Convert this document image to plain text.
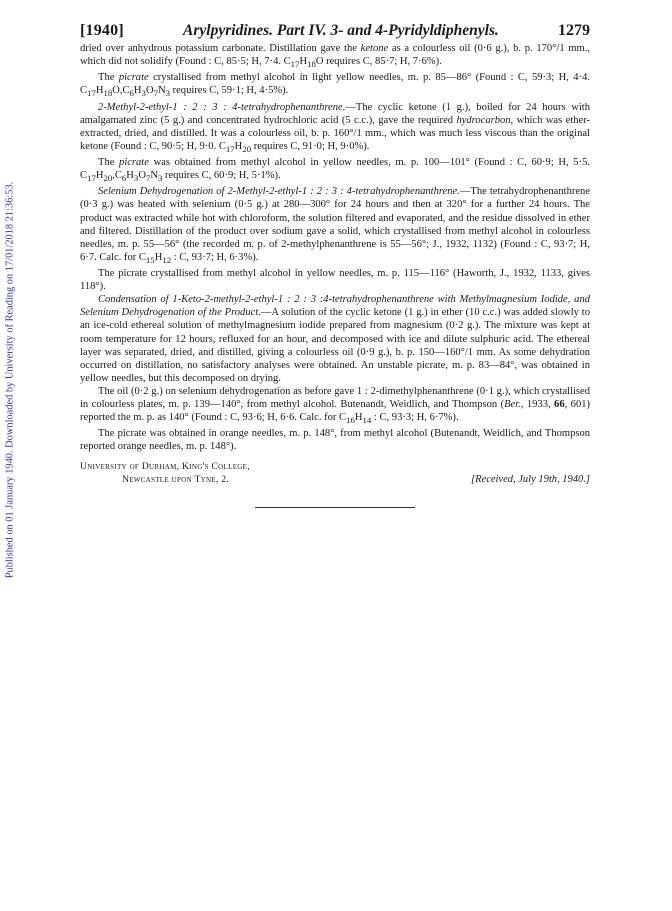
Published on 01 January 1940. Downloaded by University of Reading on 17/01/2018 21:36:53.
[1940]	Arylpyridines. Part IV. 3- and 4-Pyridyldiphenyls.	1279

dried over anhydrous potassium carbonate. Distillation gave the ketone as a colourless oil (0·6 g.), b. p. 170°/1 mm., which did not solidify (Found : C, 85·5; H, 7·4. $C_{17}H_{18}O$ requires C, 85·7; H, 7·6%).

The picrate crystallised from methyl alcohol in light yellow needles, m. p. 85—86° (Found : C, 59·3; H, 4·4. $C_{17}H_{18}O,C_6H_3O_7N_3$ requires C, 59·1; H, 4·5%).

2-Methyl-2-ethyl-1 : 2 : 3 : 4-tetrahydrophenanthrene.—The cyclic ketone (1 g.), boiled for 24 hours with amalgamated zinc (5 g.) and concentrated hydrochloric acid (5 c.c.), gave the required hydrocarbon, which was ether-extracted, dried, and distilled. It was a colourless oil, b. p. 160°/1 mm., which was much less viscous than the original ketone (Found : C, 90·5; H, 9·0. $C_{17}H_{20}$ requires C, 91·0; H, 9·0%).

The picrate was obtained from methyl alcohol in yellow needles, m. p. 100—101° (Found : C, 60·9; H, 5·5. $C_{17}H_{20},C_6H_3O_7N_3$ requires C, 60·9; H, 5·1%).

Selenium Dehydrogenation of 2-Methyl-2-ethyl-1 : 2 : 3 : 4-tetrahydrophenanthrene.—The tetrahydrophenanthrene (0·3 g.) was heated with selenium (0·5 g.) at 280—300° for 24 hours and then at 320° for a further 24 hours. The product was extracted while hot with chloroform, the solution filtered and evaporated, and the residue dissolved in ether and filtered. Distillation of the product over sodium gave a solid, which crystallised from methyl alcohol in colourless needles, m. p. 55—56° (the recorded m. p. of 2-methylphenanthrene is 55—56°; J., 1932, 1132) (Found : C, 93·7; H, 6·7. Calc. for $C_{15}H_{12}$ : C, 93·7; H, 6·3%).

The picrate crystallised from methyl alcohol in yellow needles, m. p. 115—116° (Haworth, J., 1932, 1133, gives 118°).

Condensation of 1-Keto-2-methyl-2-ethyl-1 : 2 : 3 :4-tetrahydrophenanthrene with Methylmagnesium Iodide, and Selenium Dehydrogenation of the Product.—A solution of the cyclic ketone (1 g.) in ether (10 c.c.) was added slowly to an ice-cold ethereal solution of methylmagnesium iodide prepared from magnesium (0·2 g.). The mixture was kept at room temperature for 12 hours, refluxed for an hour, and decomposed with ice and dilute sulphuric acid. The ethereal layer was separated, dried, and distilled, giving a colourless oil (0·9 g.), b. p. 150—160°/1 mm. As some dehydration occurred on distillation, no satisfactory analyses were obtained. An unstable picrate, m. p. 83—84°, was obtained in yellow needles, but this decomposed on drying.

The oil (0·2 g.) on selenium dehydrogenation as before gave 1 : 2-dimethylphenanthrene (0·1 g.), which crystallised in colourless plates, m. p. 139—140°, from methyl alcohol. Butenandt, Weidlich, and Thompson (Ber., 1933, 66, 601) reported the m. p. as 140° (Found : C, 93·6; H, 6·6. Calc. for $C_{16}H_{14}$ : C, 93·3; H, 6·7%).

The picrate was obtained in orange needles, m. p. 148°, from methyl alcohol (Butenandt, Weidlich, and Thompson reported orange needles, m. p. 148°).

University of Durham, King's College,
Newcastle upon Tyne, 2.	[Received, July 19th, 1940.]
